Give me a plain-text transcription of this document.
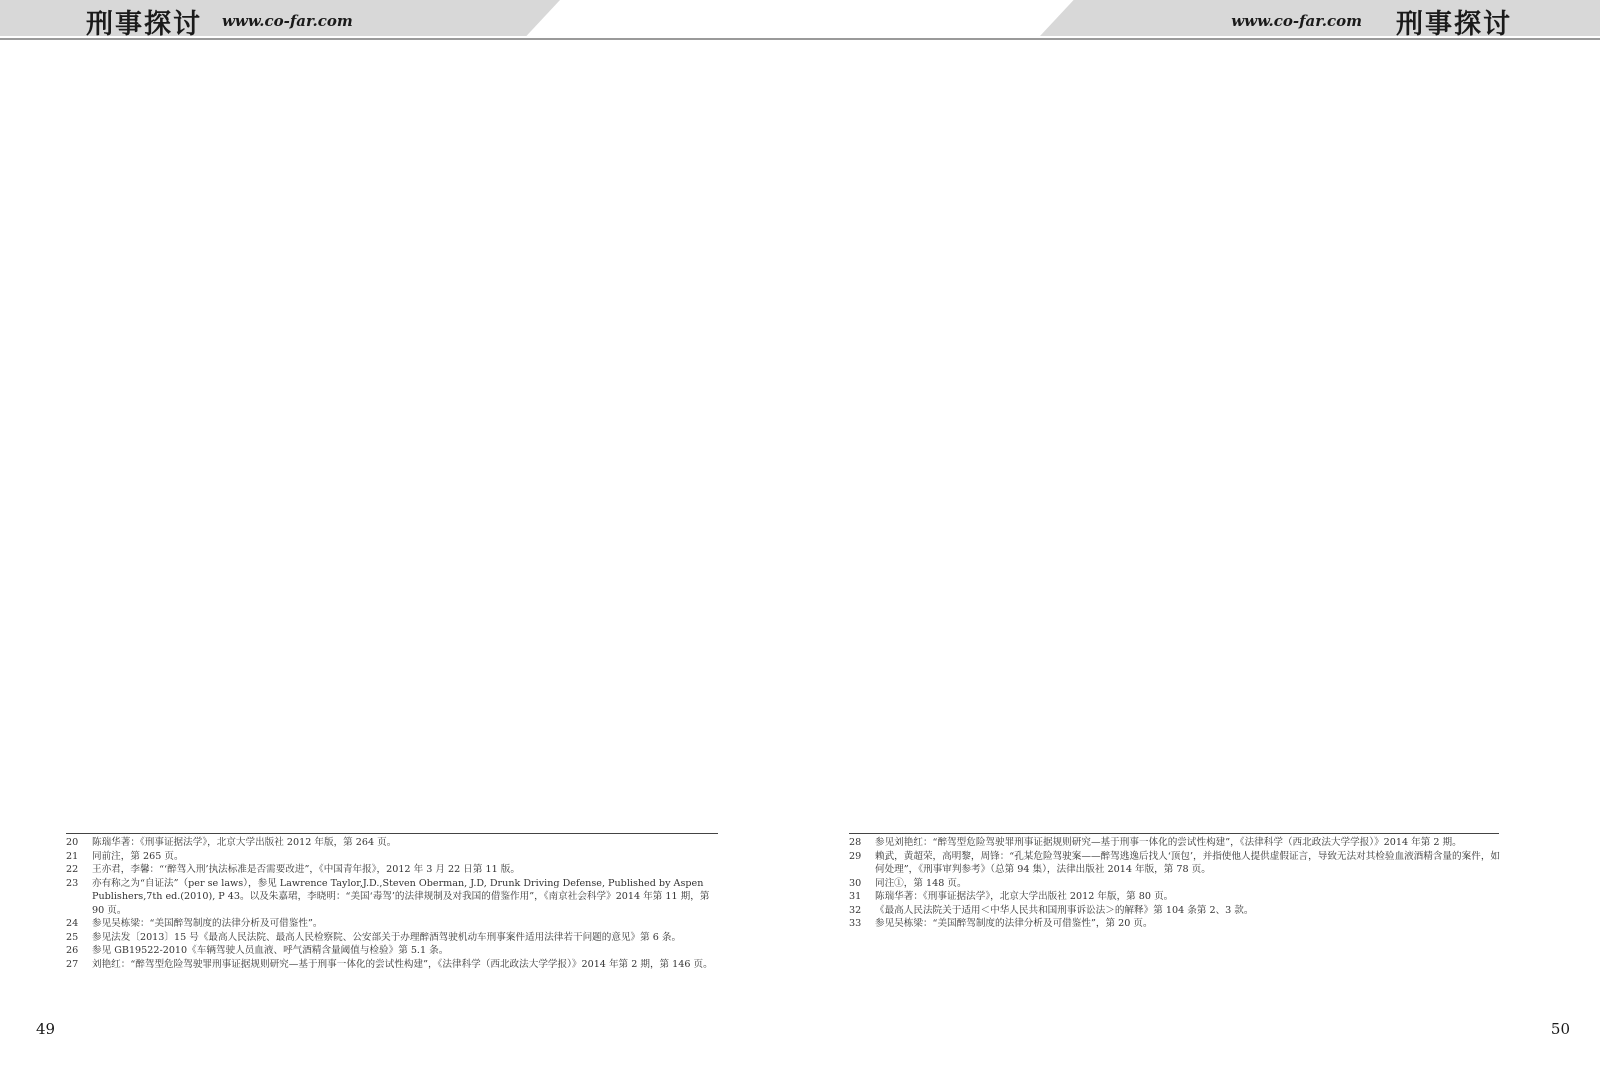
刑事探讨 www.co-far.com

20	陈瑞华著：《刑事证据法学》，北京大学出版社 2012 年版，第 264 页。
21	同前注，第 265 页。
22	王亦君，李馨：“‘醉驾入刑’执法标准是否需要改进”，《中国青年报》，2012 年 3 月 22 日第 11 版。
23	亦有称之为“自证法”（per se laws），参见 Lawrence Taylor,J.D.,Steven Oberman, J.D, Drunk Driving Defense, Published by Aspen Publishers,7th ed.(2010), P 43。以及朱嘉珺，李晓明：“美国‘毒驾’的法律规制及对我国的借鉴作用”，《南京社会科学》2014 年第 11 期，第 90 页。
24	参见吴栋梁：“美国醉驾制度的法律分析及可借鉴性”。
25	参见法发〔2013〕15 号《最高人民法院、最高人民检察院、公安部关于办理醉酒驾驶机动车刑事案件适用法律若干问题的意见》第 6 条。
26	参见 GB19522-2010《车辆驾驶人员血液、呼气酒精含量阈值与检验》第 5.1 条。
27	刘艳红：“醉驾型危险驾驶罪刑事证据规则研究—基于刑事一体化的尝试性构建”，《法律科学（西北政法大学学报）》2014 年第 2 期，第 146 页。
49
www.co-far.com 刑事探讨

28	参见刘艳红：“醉驾型危险驾驶罪刑事证据规则研究—基于刑事一体化的尝试性构建”，《法律科学（西北政法大学学报）》2014 年第 2 期。
29	赖武，黄超荣，高明黎，周锋：“孔某危险驾驶案——醉驾逃逸后找人‘顶包’，并指使他人提供虚假证言，导致无法对其检验血液酒精含量的案件，如何处理”，《刑事审判参考》（总第 94 集），法律出版社 2014 年版，第 78 页。
30	同注①，第 148 页。
31	陈瑞华著：《刑事证据法学》，北京大学出版社 2012 年版，第 80 页。
32	《最高人民法院关于适用＜中华人民共和国刑事诉讼法＞的解释》第 104 条第 2、3 款。
33	参见吴栋梁：“美国醉驾制度的法律分析及可借鉴性”，第 20 页。
50
